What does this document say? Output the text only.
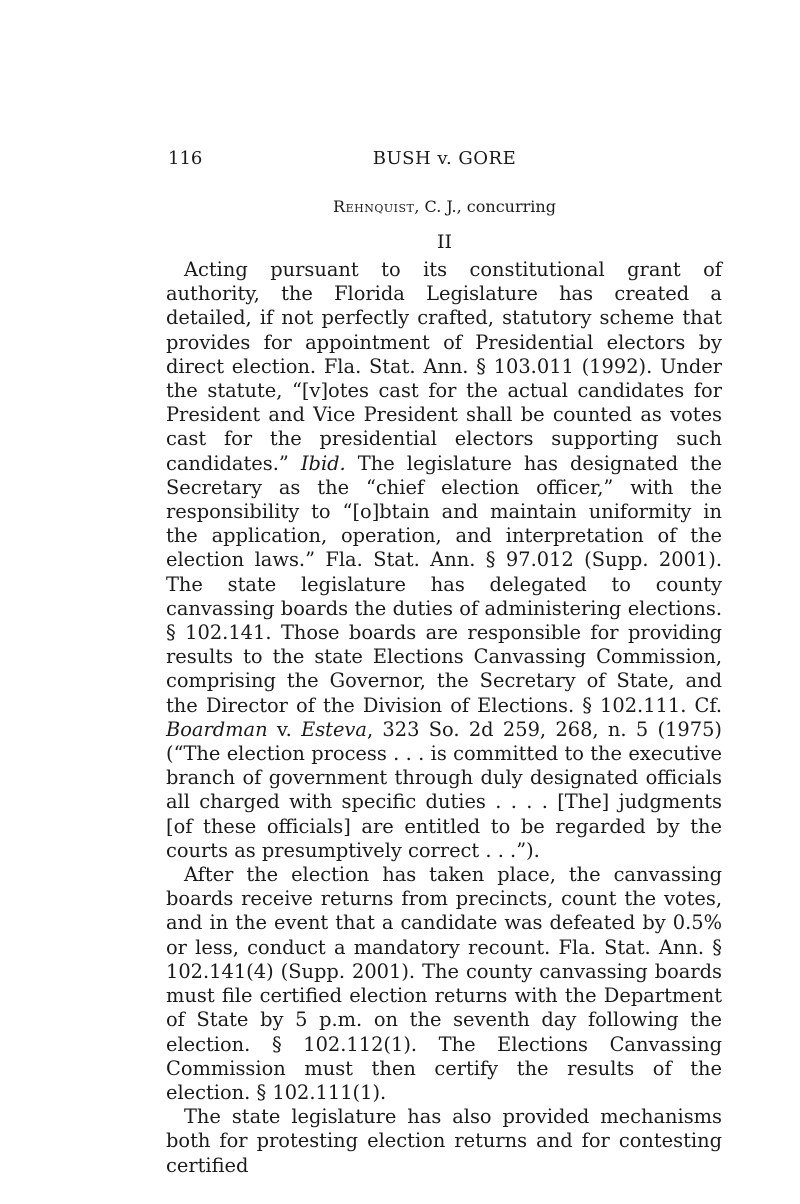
116	BUSH v. GORE
Rehnquist, C. J., concurring
II

Acting pursuant to its constitutional grant of authority, the Florida Legislature has created a detailed, if not perfectly crafted, statutory scheme that provides for appointment of Presidential electors by direct election. Fla. Stat. Ann. § 103.011 (1992). Under the statute, “[v]otes cast for the actual candidates for President and Vice President shall be counted as votes cast for the presidential electors supporting such candidates.” Ibid. The legislature has designated the Secretary as the “chief election officer,” with the responsibility to “[o]btain and maintain uniformity in the application, operation, and interpretation of the election laws.” Fla. Stat. Ann. § 97.012 (Supp. 2001). The state legislature has delegated to county canvassing boards the duties of administering elections. § 102.141. Those boards are responsible for providing results to the state Elections Canvassing Commission, comprising the Governor, the Secretary of State, and the Director of the Division of Elections. § 102.111. Cf. Boardman v. Esteva, 323 So. 2d 259, 268, n. 5 (1975) (“The election process . . . is committed to the executive branch of government through duly designated officials all charged with specific duties . . . . [The] judgments [of these officials] are entitled to be regarded by the courts as presumptively correct . . .”).

After the election has taken place, the canvassing boards receive returns from precincts, count the votes, and in the event that a candidate was defeated by 0.5% or less, conduct a mandatory recount. Fla. Stat. Ann. § 102.141(4) (Supp. 2001). The county canvassing boards must file certified election returns with the Department of State by 5 p.m. on the seventh day following the election. § 102.112(1). The Elections Canvassing Commission must then certify the results of the election. § 102.111(1).

The state legislature has also provided mechanisms both for protesting election returns and for contesting certified
